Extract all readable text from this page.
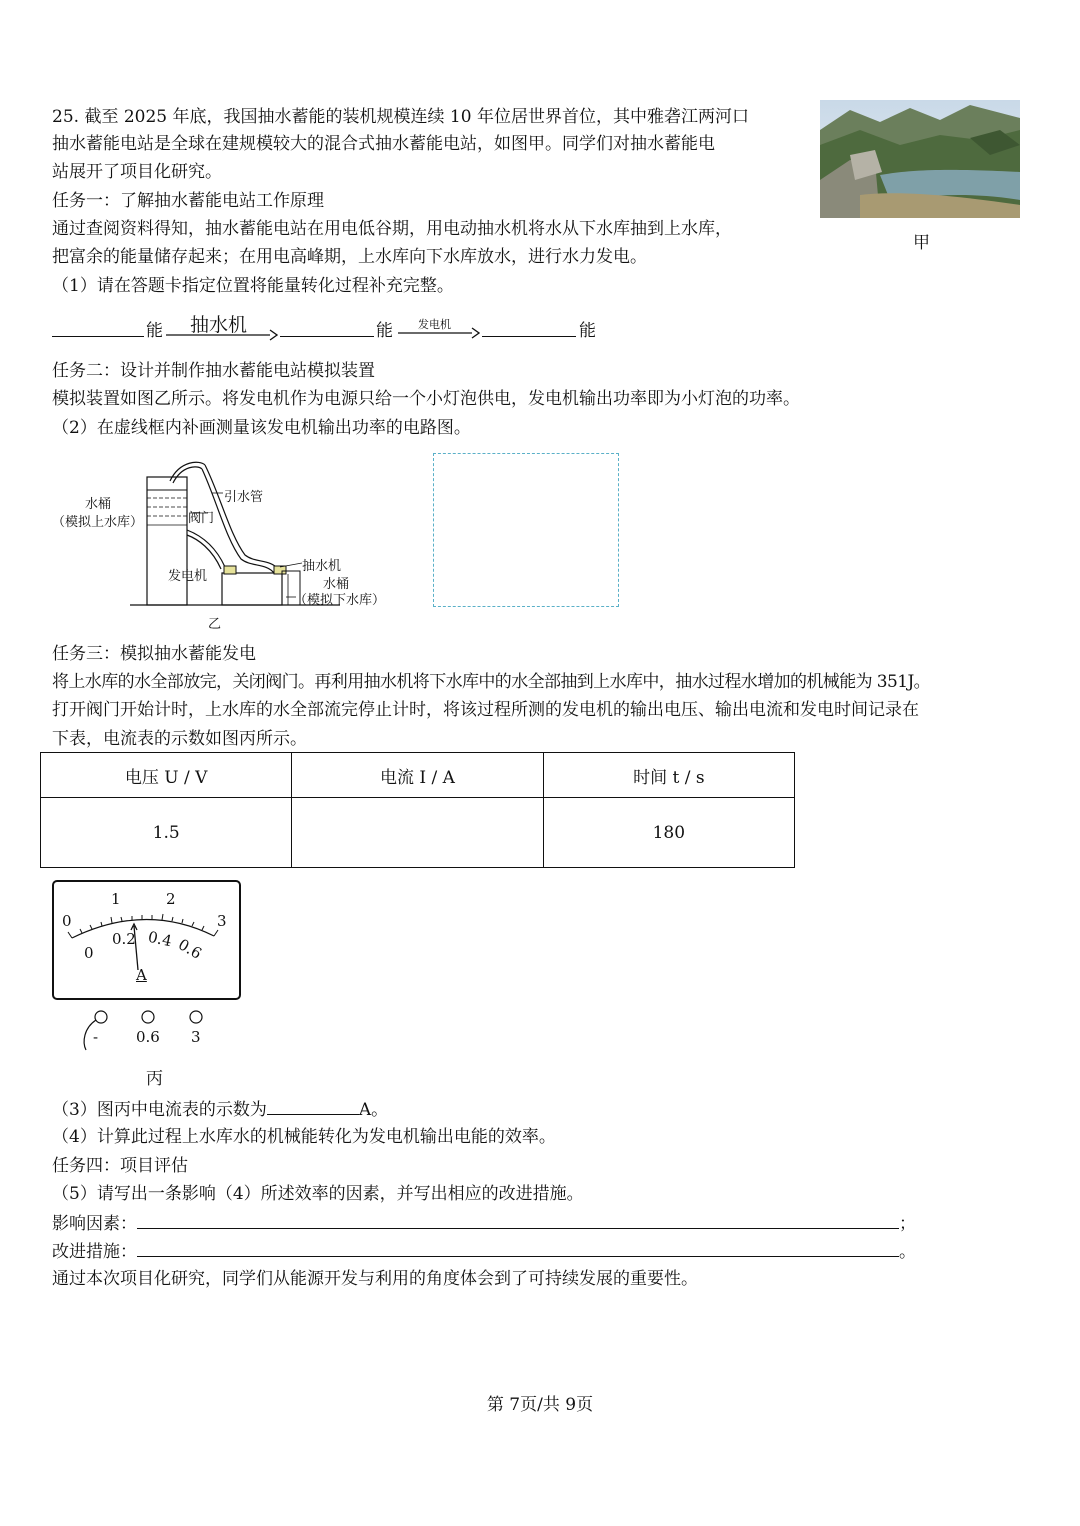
25. 截至 2025 年底，我国抽水蓄能的装机规模连续 10 年位居世界首位，其中雅砻江两河口
抽水蓄能电站是全球在建规模较大的混合式抽水蓄能电站，如图甲。同学们对抽水蓄能电
站展开了项目化研究。
甲
任务一：了解抽水蓄能电站工作原理
通过查阅资料得知，抽水蓄能电站在用电低谷期，用电动抽水机将水从下水库抽到上水库，
把富余的能量储存起来；在用电高峰期，上水库向下水库放水，进行水力发电。
（1）请在答题卡指定位置将能量转化过程补充完整。
能 抽水机	能 发电机	能
任务二：设计并制作抽水蓄能电站模拟装置
模拟装置如图乙所示。将发电机作为电源只给一个小灯泡供电，发电机输出功率即为小灯泡的功率。
（2）在虚线框内补画测量该发电机输出功率的电路图。
水桶
（模拟上水库）
引水管
阀门
发电机
抽水机
水桶
（模拟下水库）
乙
任务三：模拟抽水蓄能发电
将上水库的水全部放完，关闭阀门。再利用抽水机将下水库中的水全部抽到上水库中，抽水过程水增加的机械能为 351J。
打开阀门开始计时，上水库的水全部流完停止计时，将该过程所测的发电机的输出电压、输出电流和发电时间记录在
下表，电流表的示数如图丙所示。
电压 U / V	电流 I / A	时间 t / s
1.5		180
0
1	2
3
0
0.2 0.4 0.6
A
-	0.6 3
丙
（3）图丙中电流表的示数为	A。
（4）计算此过程上水库水的机械能转化为发电机输出电能的效率。
任务四：项目评估
（5）请写出一条影响（4）所述效率的因素，并写出相应的改进措施。
影响因素：	；
改进措施：	。
通过本次项目化研究，同学们从能源开发与利用的角度体会到了可持续发展的重要性。
第 7页/共 9页
